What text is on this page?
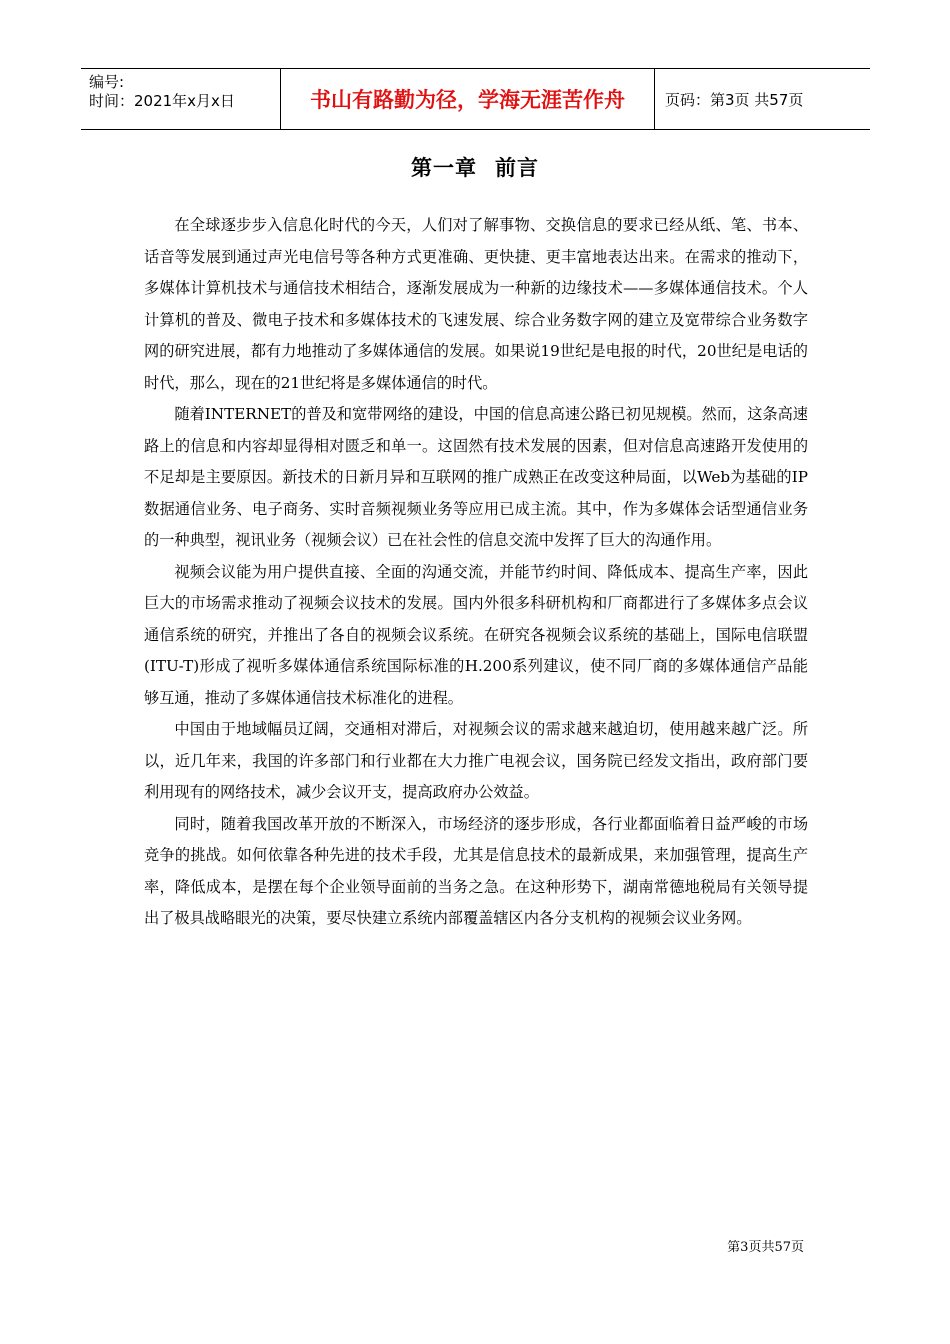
编号:
时间：2021年x月x日	书山有路勤为径，学海无涯苦作舟	页码：第3页 共57页
第一章 前言

在全球逐步步入信息化时代的今天，人们对了解事物、交换信息的要求已经从纸、笔、书本、话音等发展到通过声光电信号等各种方式更准确、更快捷、更丰富地表达出来。在需求的推动下，多媒体计算机技术与通信技术相结合，逐渐发展成为一种新的边缘技术——多媒体通信技术。个人计算机的普及、微电子技术和多媒体技术的飞速发展、综合业务数字网的建立及宽带综合业务数字网的研究进展，都有力地推动了多媒体通信的发展。如果说19世纪是电报的时代，20世纪是电话的时代，那么，现在的21世纪将是多媒体通信的时代。

随着INTERNET的普及和宽带网络的建设，中国的信息高速公路已初见规模。然而，这条高速路上的信息和内容却显得相对匮乏和单一。这固然有技术发展的因素，但对信息高速路开发使用的不足却是主要原因。新技术的日新月异和互联网的推广成熟正在改变这种局面，以Web为基础的IP数据通信业务、电子商务、实时音频视频业务等应用已成主流。其中，作为多媒体会话型通信业务的一种典型，视讯业务（视频会议）已在社会性的信息交流中发挥了巨大的沟通作用。

视频会议能为用户提供直接、全面的沟通交流，并能节约时间、降低成本、提高生产率，因此巨大的市场需求推动了视频会议技术的发展。国内外很多科研机构和厂商都进行了多媒体多点会议通信系统的研究，并推出了各自的视频会议系统。在研究各视频会议系统的基础上，国际电信联盟(ITU-T)形成了视听多媒体通信系统国际标准的H.200系列建议，使不同厂商的多媒体通信产品能够互通，推动了多媒体通信技术标准化的进程。

中国由于地域幅员辽阔，交通相对滞后，对视频会议的需求越来越迫切，使用越来越广泛。所以，近几年来，我国的许多部门和行业都在大力推广电视会议，国务院已经发文指出，政府部门要利用现有的网络技术，减少会议开支，提高政府办公效益。

同时，随着我国改革开放的不断深入，市场经济的逐步形成，各行业都面临着日益严峻的市场竞争的挑战。如何依靠各种先进的技术手段，尤其是信息技术的最新成果，来加强管理，提高生产率，降低成本，是摆在每个企业领导面前的当务之急。在这种形势下，湖南常德地税局有关领导提出了极具战略眼光的决策，要尽快建立系统内部覆盖辖区内各分支机构的视频会议业务网。

第3页共57页
